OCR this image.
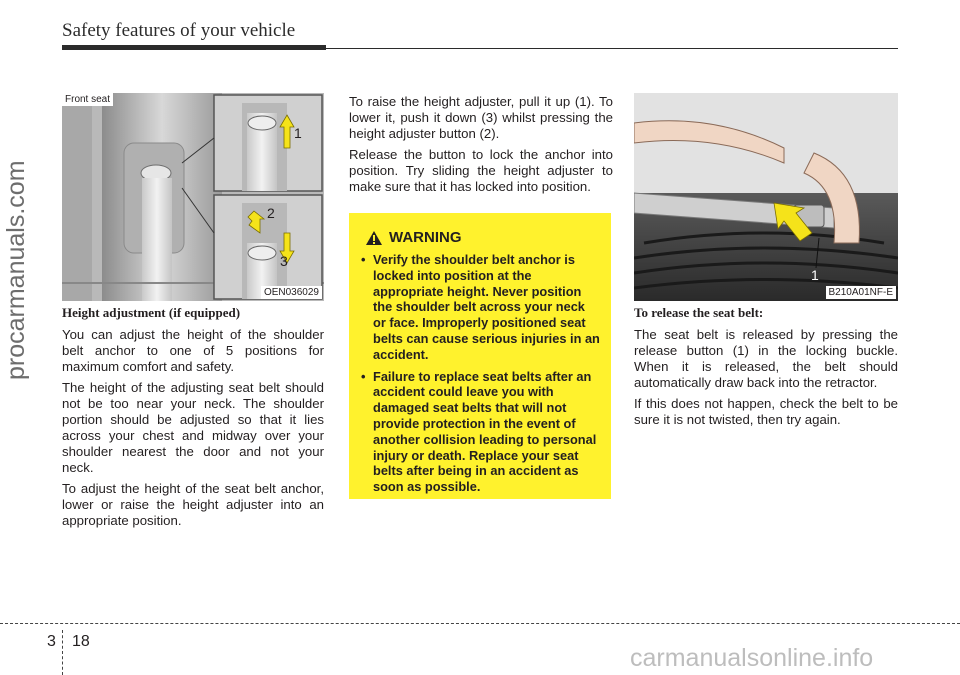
Safety features of your vehicle
procarmanuals.com
carmanualsonline.info
Front seat
1
2
3
OEN036029
1
B210A01NF-E
Height adjustment (if equipped)

You can adjust the height of the shoulder belt anchor to one of 5 positions for maximum comfort and safety.

The height of the adjusting seat belt should not be too near your neck. The shoulder portion should be adjusted so that it lies across your chest and midway over your shoulder nearest the door and not your neck.

To adjust the height of the seat belt anchor, lower or raise the height adjuster into an appropriate position.

To raise the height adjuster, pull it up (1). To lower it, push it down (3) whilst pressing the height adjuster button (2).

Release the button to lock the anchor into position. Try sliding the height adjuster to make sure that it has locked into position.

WARNING
• Verify the shoulder belt anchor is locked into position at the appropriate height. Never position the shoulder belt across your neck or face. Improperly positioned seat belts can cause serious injuries in an accident.
• Failure to replace seat belts after an accident could leave you with damaged seat belts that will not provide protection in the event of another collision leading to personal injury or death. Replace your seat belts after being in an accident as soon as possible.
To release the seat belt:

The seat belt is released by pressing the release button (1) in the locking buckle. When it is released, the belt should automatically draw back into the retractor.

If this does not happen, check the belt to be sure it is not twisted, then try again.

3 18
